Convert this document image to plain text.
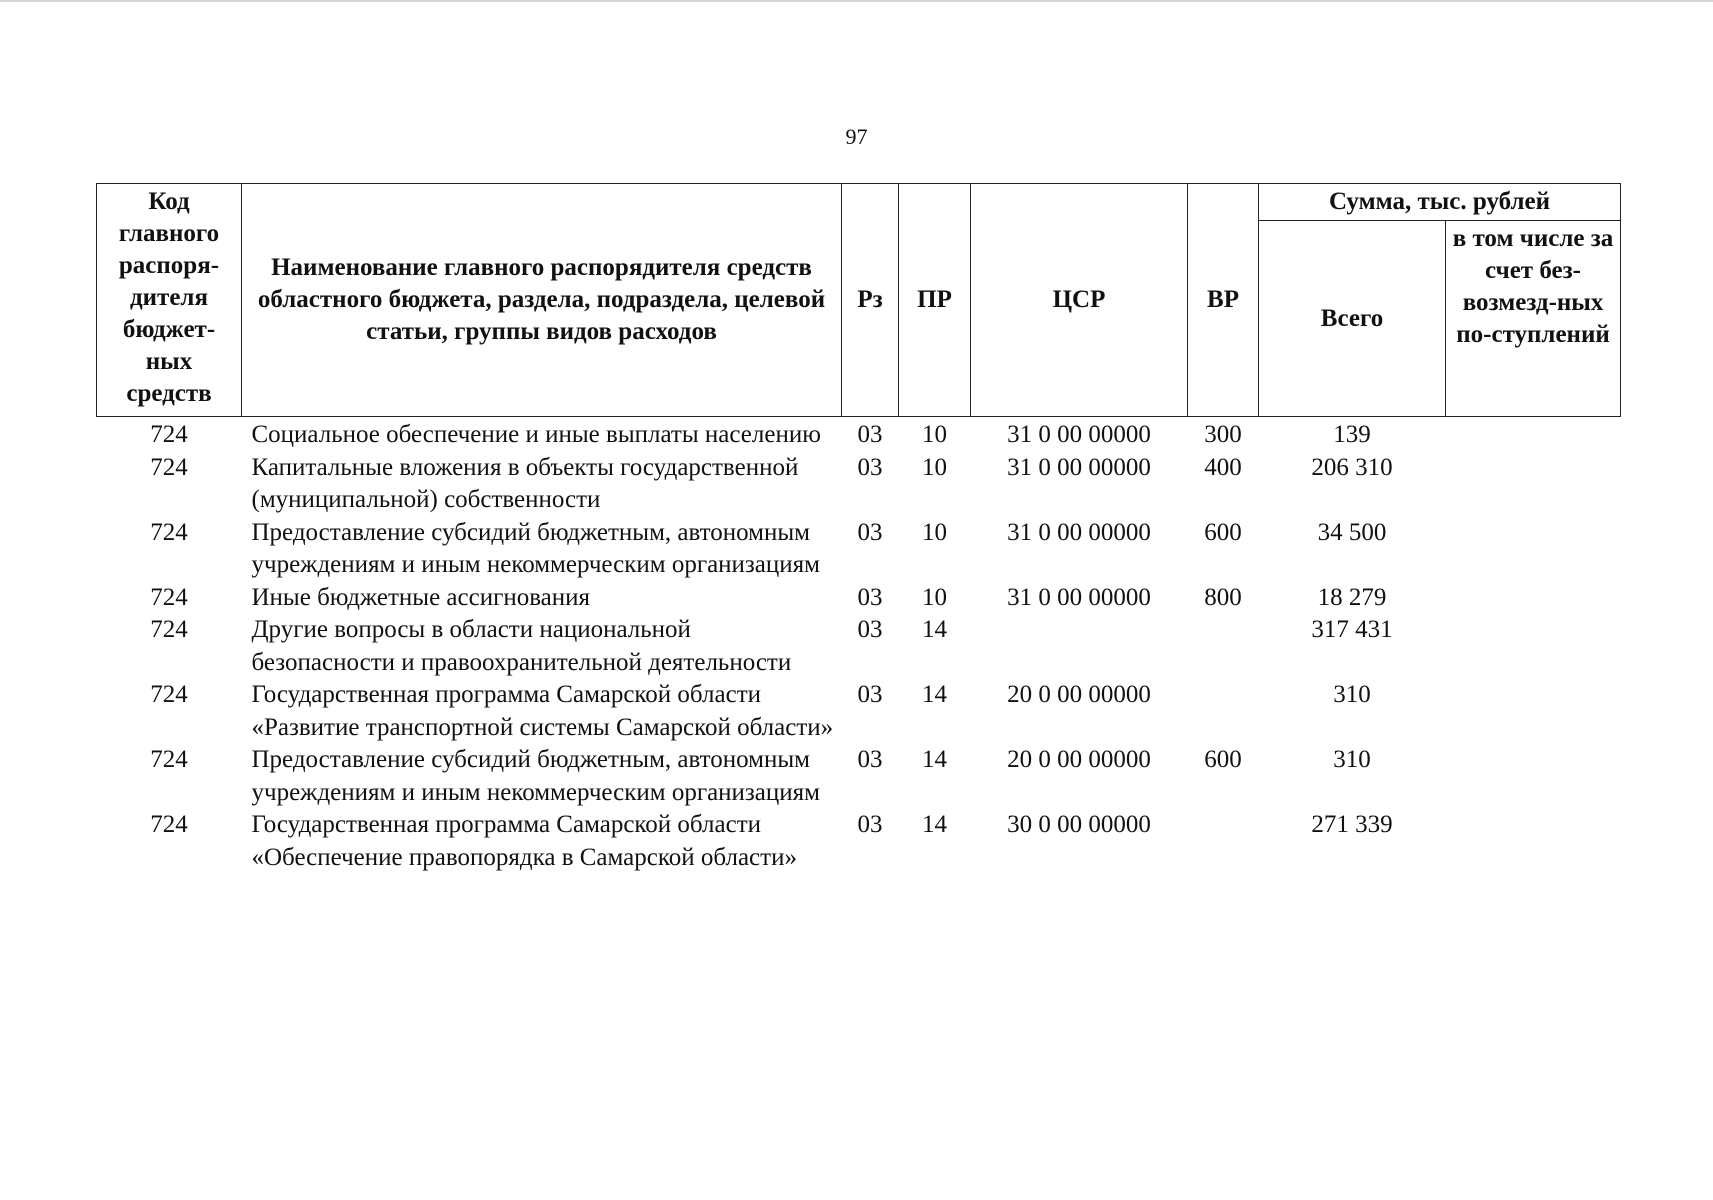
97
Код главного распоря-дителя бюджет-ных средств	Наименование главного распорядителя средств областного бюджета, раздела, подраздела, целевой статьи, группы видов расходов	Рз	ПР	ЦСР	ВР	Сумма, тыс. рублей	
						Всего	в том числе за счет без-возмезд-ных по-ступлений
724	Социальное обеспечение и иные выплаты населению	03	10	31 0 00 00000	300	139	
724	Капитальные вложения в объекты государственной (муниципальной) собственности	03	10	31 0 00 00000	400	206 310	
724	Предоставление субсидий бюджетным, автономным учреждениям и иным некоммерческим организациям	03	10	31 0 00 00000	600	34 500	
724	Иные бюджетные ассигнования	03	10	31 0 00 00000	800	18 279	
724	Другие вопросы в области национальной безопасности и правоохранительной деятельности	03	14			317 431	
724	Государственная программа Самарской области «Развитие транспортной системы Самарской области»	03	14	20 0 00 00000		310	
724	Предоставление субсидий бюджетным, автономным учреждениям и иным некоммерческим организациям	03	14	20 0 00 00000	600	310	
724	Государственная программа Самарской области «Обеспечение правопорядка в Самарской области»	03	14	30 0 00 00000		271 339	
